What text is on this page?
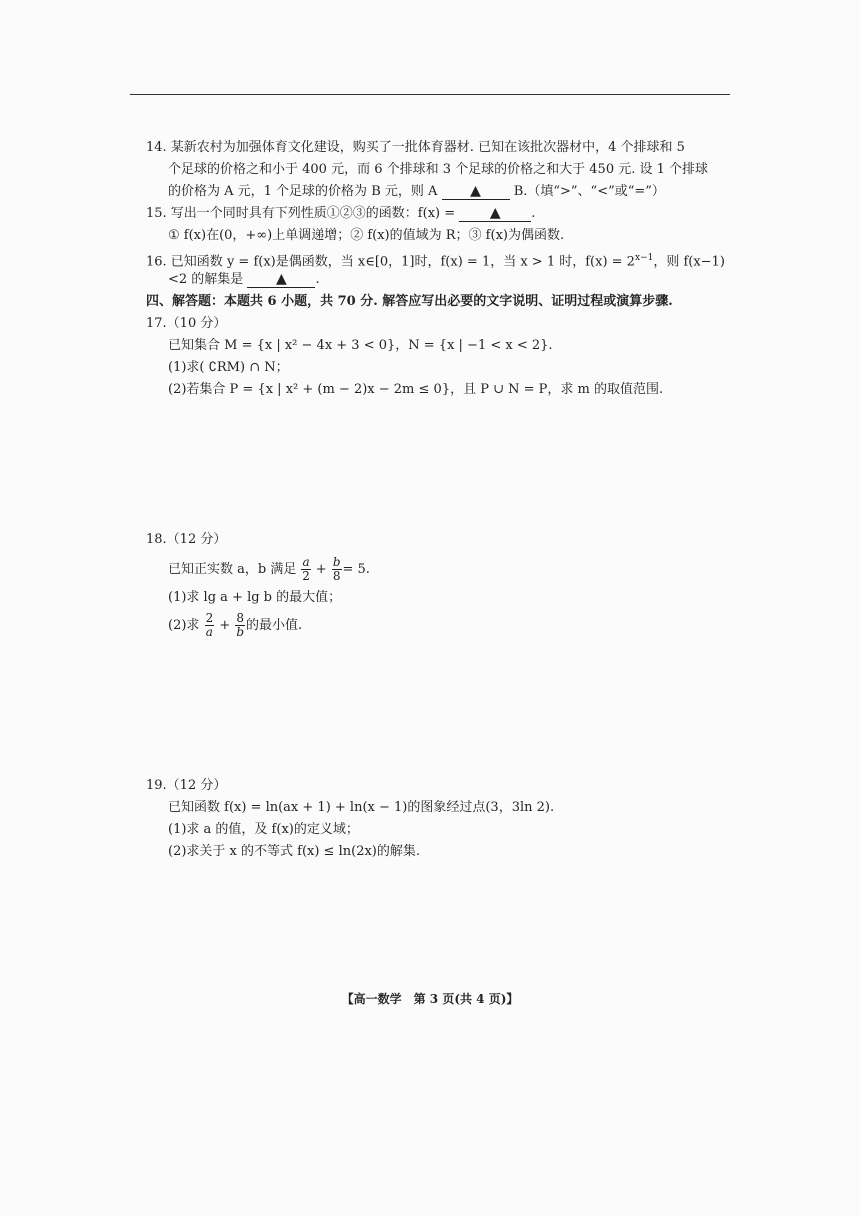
14. 某新农村为加强体育文化建设，购买了一批体育器材. 已知在该批次器材中，4 个排球和 5
个足球的价格之和小于 400 元，而 6 个排球和 3 个足球的价格之和大于 450 元. 设 1 个排球
的价格为 A 元，1 个足球的价格为 B 元，则 A ▲	B.（填“>”、“<”或“=”）
15. 写出一个同时具有下列性质①②③的函数：f(x) = ▲ .
① f(x)在(0，+∞)上单调递增；② f(x)的值域为 R；③ f(x)为偶函数.
16. 已知函数 y = f(x)是偶函数，当 x∈[0，1]时，f(x) = 1，当 x > 1 时，$f(x) = 2^{x-1}$，则 f(x−1)
<2 的解集是 ▲ .
四、解答题：本题共 6 小题，共 70 分. 解答应写出必要的文字说明、证明过程或演算步骤.
17.（10 分）
已知集合 M = {x | x² − 4x + 3 < 0}，N = {x | −1 < x < 2}.
(1)求( ∁RM) ∩ N；
(2)若集合 P = {x | x² + (m − 2)x − 2m ≤ 0}，且 P ∪ N = P，求 m 的取值范围.
18.（12 分）
已知正实数 a，b 满足 $\frac{a}{2} + \frac{b}{8} = 5$.
(1)求 lg a + lg b 的最大值；
(2)求 $\frac{2}{a} + \frac{8}{b}$ 的最小值.
19.（12 分）
已知函数 f(x) = ln(ax + 1) + ln(x − 1)的图象经过点(3，3ln 2).
(1)求 a 的值，及 f(x)的定义域；
(2)求关于 x 的不等式 f(x) ≤ ln(2x)的解集.
【高一数学　第 3 页(共 4 页)】
